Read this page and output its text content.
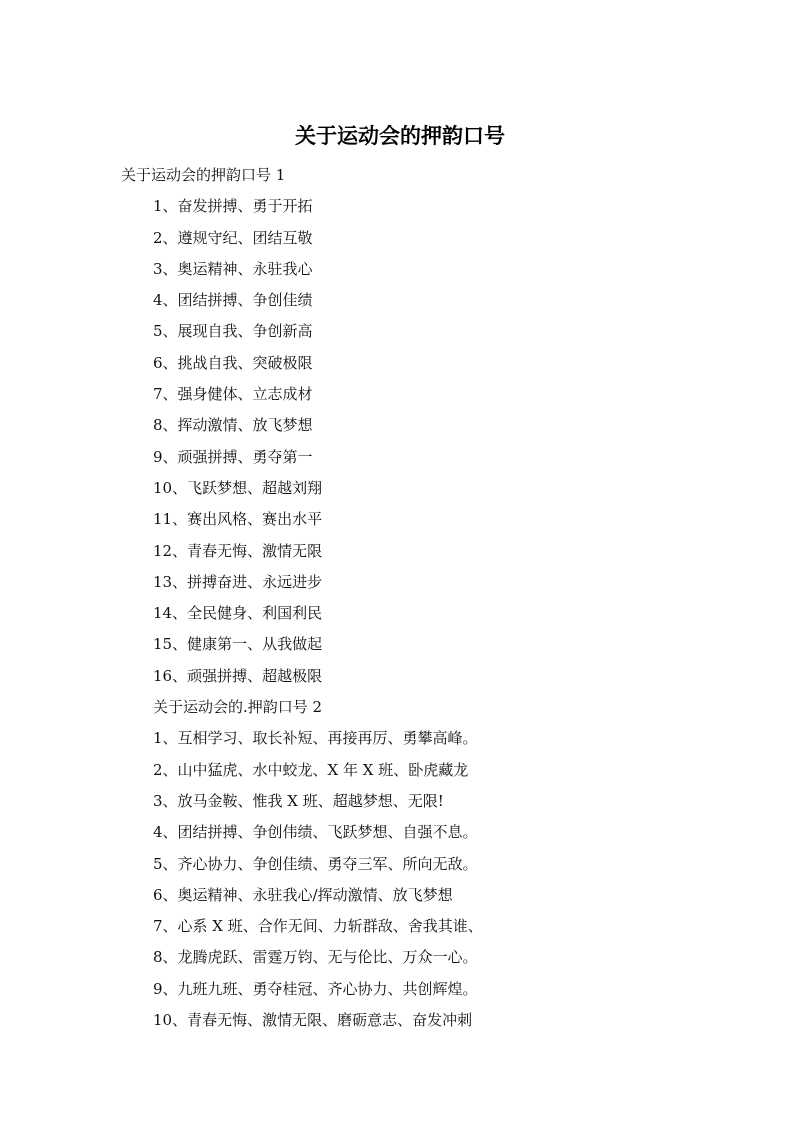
关于运动会的押韵口号

关于运动会的押韵口号 1

1、奋发拼搏、勇于开拓

2、遵规守纪、团结互敬

3、奥运精神、永驻我心

4、团结拼搏、争创佳绩

5、展现自我、争创新高

6、挑战自我、突破极限

7、强身健体、立志成材

8、挥动激情、放飞梦想

9、顽强拼搏、勇夺第一

10、飞跃梦想、超越刘翔

11、赛出风格、赛出水平

12、青春无悔、激情无限

13、拼搏奋进、永远进步

14、全民健身、利国利民

15、健康第一、从我做起

16、顽强拼搏、超越极限

关于运动会的.押韵口号 2

1、互相学习、取长补短、再接再厉、勇攀高峰。

2、山中猛虎、水中蛟龙、X 年 X 班、卧虎藏龙

3、放马金鞍、惟我 X 班、超越梦想、无限!

4、团结拼搏、争创伟绩、飞跃梦想、自强不息。

5、齐心协力、争创佳绩、勇夺三军、所向无敌。

6、奥运精神、永驻我心/挥动激情、放飞梦想

7、心系 X 班、合作无间、力斩群敌、舍我其谁、

8、龙腾虎跃、雷霆万钧、无与伦比、万众一心。

9、九班九班、勇夺桂冠、齐心协力、共创辉煌。

10、青春无悔、激情无限、磨砺意志、奋发冲刺
